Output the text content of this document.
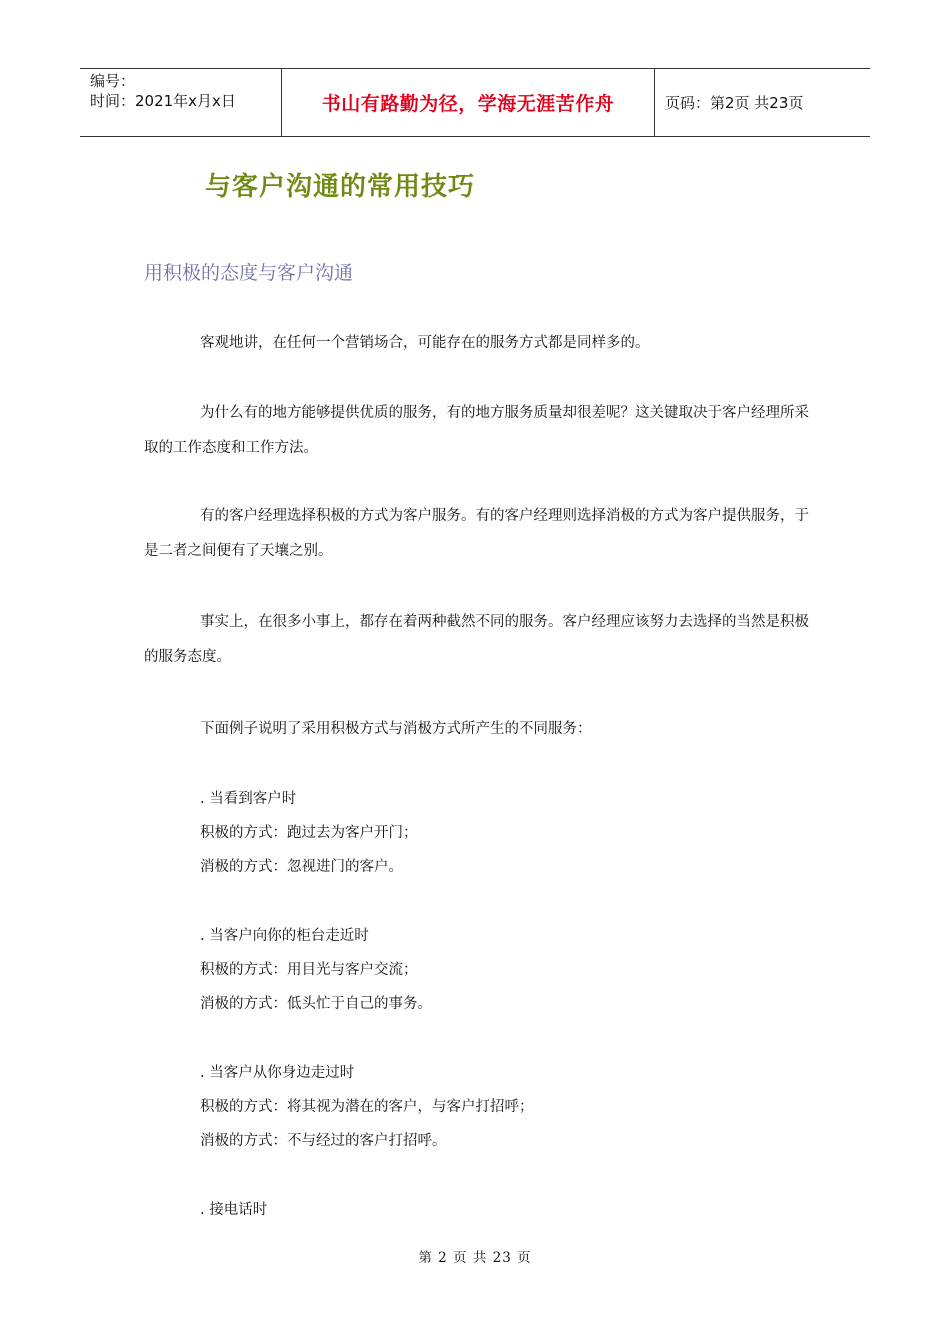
编号：
时间：2021年x月x日	书山有路勤为径，学海无涯苦作舟	页码：第2页 共23页
与客户沟通的常用技巧
用积极的态度与客户沟通

客观地讲，在任何一个营销场合，可能存在的服务方式都是同样多的。

为什么有的地方能够提供优质的服务，有的地方服务质量却很差呢？这关键取决于客户经理所采取的工作态度和工作方法。

有的客户经理选择积极的方式为客户服务。有的客户经理则选择消极的方式为客户提供服务，于是二者之间便有了天壤之别。

事实上，在很多小事上，都存在着两种截然不同的服务。客户经理应该努力去选择的当然是积极的服务态度。

下面例子说明了采用积极方式与消极方式所产生的不同服务：

. 当看到客户时
积极的方式：跑过去为客户开门；
消极的方式：忽视进门的客户。
. 当客户向你的柜台走近时
积极的方式：用目光与客户交流；
消极的方式：低头忙于自己的事务。
. 当客户从你身边走过时
积极的方式：将其视为潜在的客户，与客户打招呼；
消极的方式：不与经过的客户打招呼。
. 接电话时
第 2 页 共 23 页
